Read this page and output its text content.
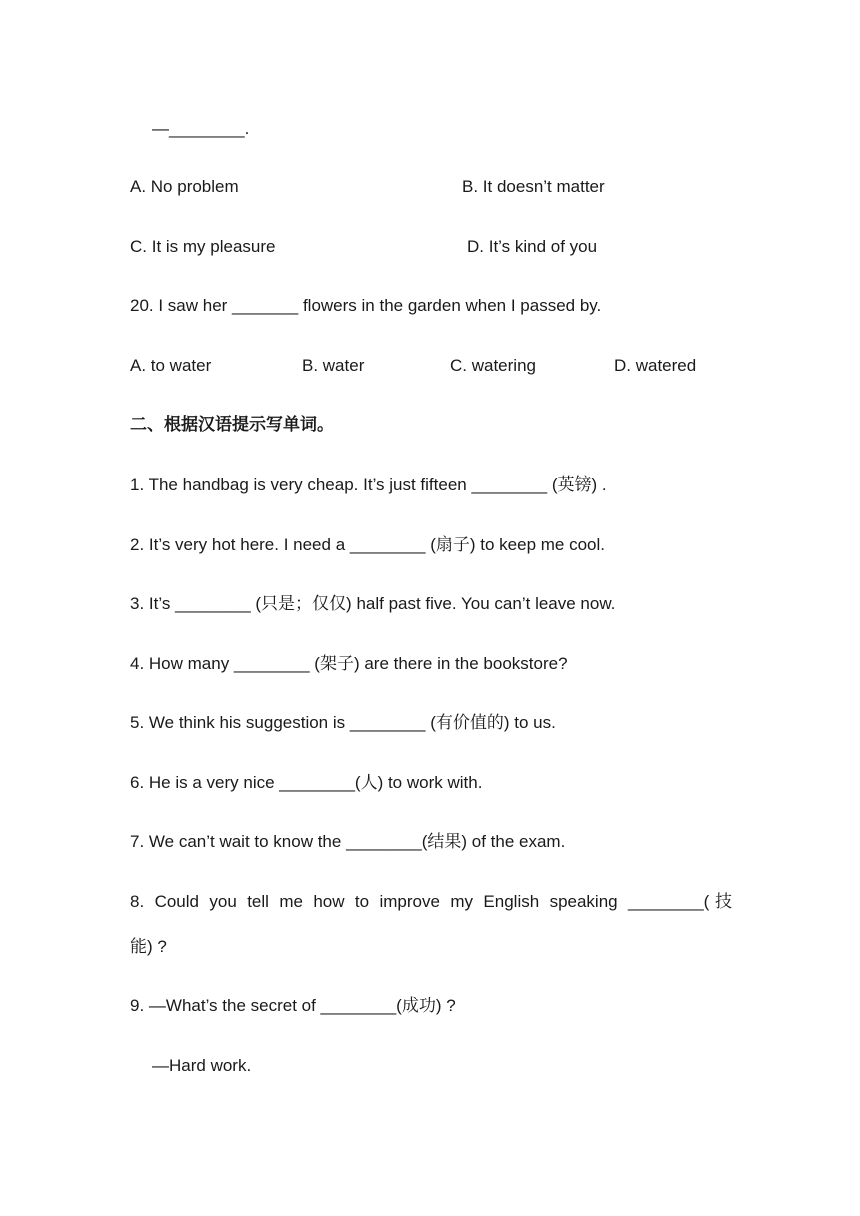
—________.
A. No problem	B. It doesn’t matter
C. It is my pleasure	D. It’s kind of you
20. I saw her _______ flowers in the garden when I passed by.
A. to water	B. water	C. watering	D. watered
二、根据汉语提示写单词。
1. The handbag is very cheap. It’s just fifteen ________ (英镑) .
2. It’s very hot here. I need a ________ (扇子) to keep me cool.
3. It’s ________ (只是；仅仅) half past five. You can’t leave now.
4. How many ________ (架子) are there in the bookstore?
5. We think his suggestion is ________ (有价值的) to us.
6. He is a very nice ________(人) to work with.
7. We can’t wait to know the ________(结果) of the exam.
8. Could you tell me how to improve my English speaking ________(技
能) ?
9. —What’s the secret of ________(成功) ?
—Hard work.
